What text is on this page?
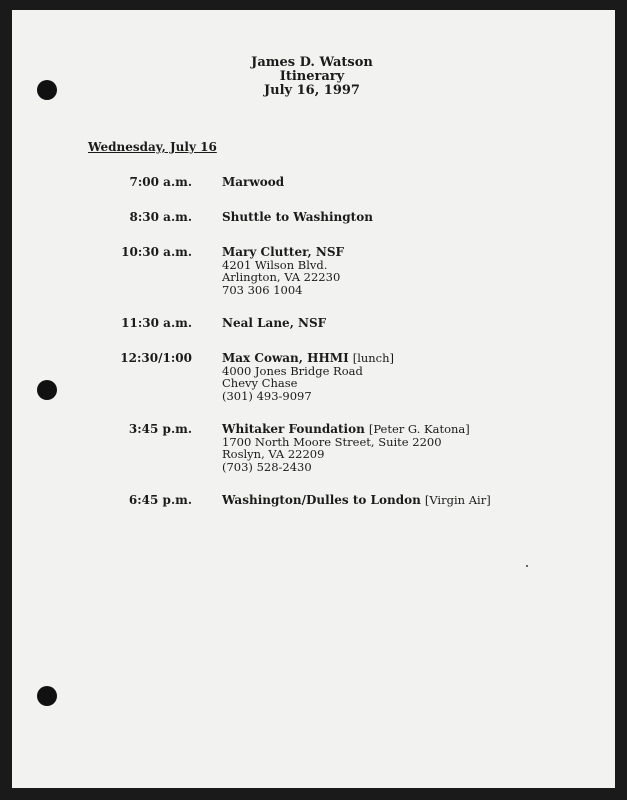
James D. Watson
Itinerary
July 16, 1997
Wednesday, July 16
7:00 a.m.	Marwood
8:30 a.m.	Shuttle to Washington
10:30 a.m.	Mary Clutter, NSF
4201 Wilson Blvd.
Arlington, VA 22230
703 306 1004
11:30 a.m.	Neal Lane, NSF
12:30/1:00	Max Cowan, HHMI [lunch]
4000 Jones Bridge Road
Chevy Chase
(301) 493-9097
3:45 p.m.	Whitaker Foundation [Peter G. Katona]
1700 North Moore Street, Suite 2200
Roslyn, VA 22209
(703) 528-2430
6:45 p.m.	Washington/Dulles to London [Virgin Air]
